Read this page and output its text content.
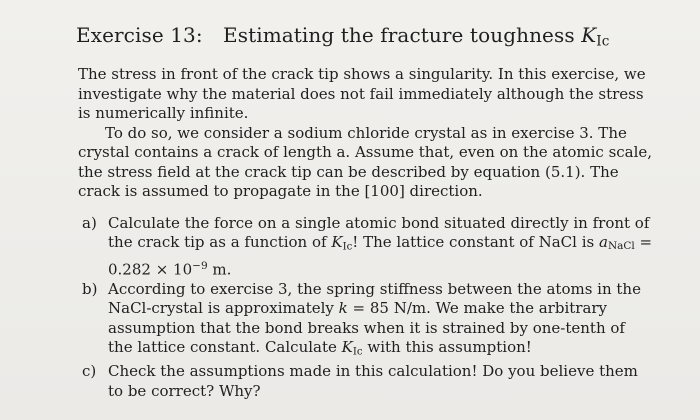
Exercise 13: Estimating the fracture toughness $K_{Ic}$

The stress in front of the crack tip shows a singularity. In this exercise, we investigate why the material does not fail immediately although the stress is numerically infinite.

To do so, we consider a sodium chloride crystal as in exercise 3. The crystal contains a crack of length a. Assume that, even on the atomic scale, the stress field at the crack tip can be described by equation (5.1). The crack is assumed to propagate in the [100] direction.

a) Calculate the force on a single atomic bond situated directly in front of the crack tip as a function of $K_{Ic}$! The lattice constant of NaCl is $a_{NaCl} = 0.282 \times 10^{-9}$ m.
b) According to exercise 3, the spring stiffness between the atoms in the NaCl-crystal is approximately k = 85 N/m. We make the arbitrary assumption that the bond breaks when it is strained by one-tenth of the lattice constant. Calculate $K_{Ic}$ with this assumption!
c) Check the assumptions made in this calculation! Do you believe them to be correct? Why?
